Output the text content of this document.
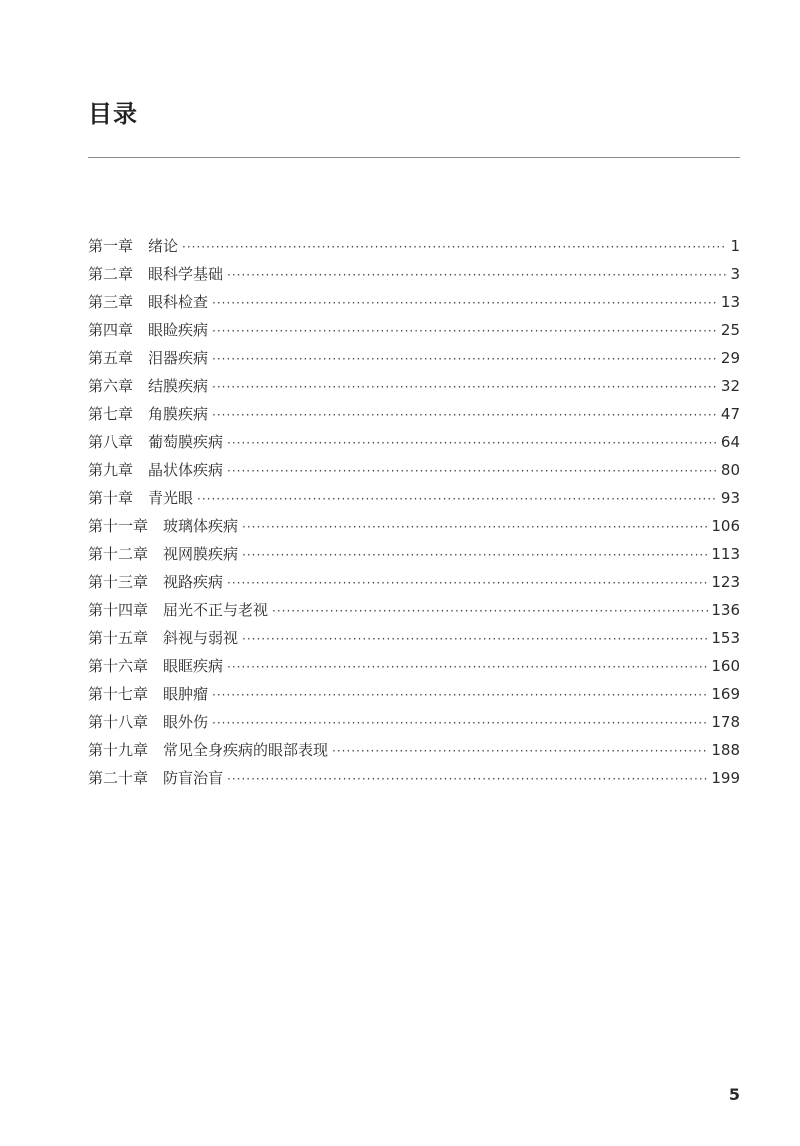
目录
第一章 绪论 ·····	1
第二章 眼科学基础 ·····	3
第三章 眼科检查 ·····	13
第四章 眼睑疾病 ·····	25
第五章 泪器疾病 ·····	29
第六章 结膜疾病 ·····	32
第七章 角膜疾病 ·····	47
第八章 葡萄膜疾病 ·····	64
第九章 晶状体疾病 ·····	80
第十章 青光眼 ·····	93
第十一章 玻璃体疾病 ·····	106
第十二章 视网膜疾病 ·····	113
第十三章 视路疾病 ·····	123
第十四章 屈光不正与老视 ·····	136
第十五章 斜视与弱视 ·····	153
第十六章 眼眶疾病 ·····	160
第十七章 眼肿瘤 ·····	169
第十八章 眼外伤 ·····	178
第十九章 常见全身疾病的眼部表现 ·····	188
第二十章 防盲治盲 ·····	199
5
